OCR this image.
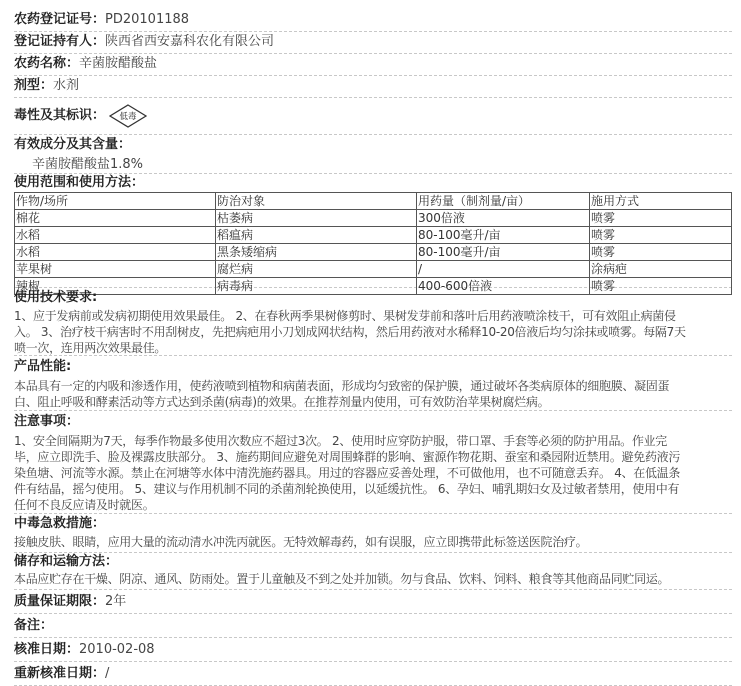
农药登记证号：PD20101188
登记证持有人：陕西省西安嘉科农化有限公司
农药名称：辛菌胺醋酸盐
剂型：水剂
毒性及其标识： 低毒
有效成分及其含量：
辛菌胺醋酸盐1.8%
使用范围和使用方法：
作物/场所	防治对象	用药量（制剂量/亩）	施用方式
棉花	枯萎病	300倍液	喷雾
水稻	稻瘟病	80-100毫升/亩	喷雾
水稻	黑条矮缩病	80-100毫升/亩	喷雾
苹果树	腐烂病	/	涂病疤
辣椒	病毒病	400-600倍液	喷雾
使用技术要求:
1、应于发病前或发病初期使用效果最佳。 2、在春秋两季果树修剪时、果树发芽前和落叶后用药液喷涂枝干，可有效阻止病菌侵
入。 3、治疗枝干病害时不用刮树皮，先把病疤用小刀划成网状结构，然后用药液对水稀释10-20倍液后均匀涂抹或喷雾。每隔7天
喷一次，连用两次效果最佳。
产品性能:
本品具有一定的内吸和渗透作用，使药液喷到植物和病菌表面，形成均匀致密的保护膜，通过破坏各类病原体的细胞膜、凝固蛋
白、阻止呼吸和酵素活动等方式达到杀菌(病毒)的效果。在推荐剂量内使用，可有效防治苹果树腐烂病。
注意事项：
1、安全间隔期为7天，每季作物最多使用次数应不超过3次。 2、使用时应穿防护服，带口罩、手套等必须的防护用品。作业完
毕，应立即洗手、脸及裸露皮肤部分。 3、施药期间应避免对周围蜂群的影响、蜜源作物花期、蚕室和桑园附近禁用。避免药液污
染鱼塘、河流等水源。禁止在河塘等水体中清洗施药器具。用过的容器应妥善处理，不可做他用，也不可随意丢弃。 4、在低温条
件有结晶，摇匀使用。 5、建议与作用机制不同的杀菌剂轮换使用，以延缓抗性。 6、孕妇、哺乳期妇女及过敏者禁用，使用中有
任何不良反应请及时就医。
中毒急救措施：
接触皮肤、眼睛，应用大量的流动清水冲洗丙就医。无特效解毒药，如有误服，应立即携带此标签送医院治疗。
储存和运输方法：
本品应贮存在干燥、阴凉、通风、防雨处。置于儿童触及不到之处并加锁。勿与食品、饮料、饲料、粮食等其他商品同贮同运。
质量保证期限：2年
备注：
核准日期：2010-02-08
重新核准日期：/
